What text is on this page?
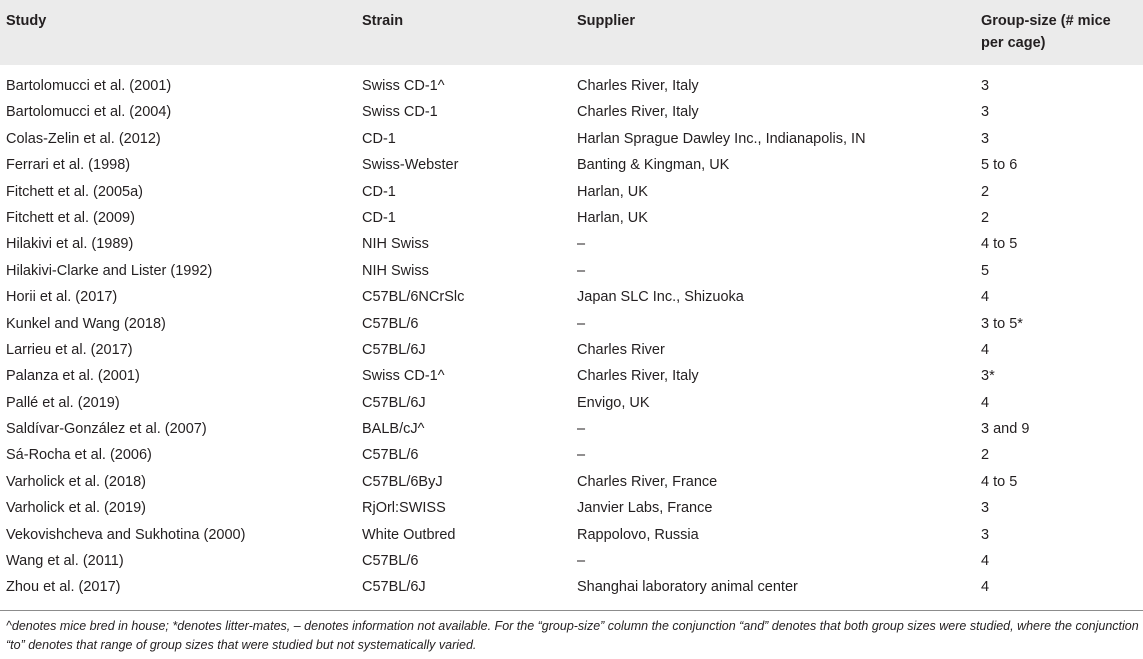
Study	Strain	Supplier	Group-size (# mice per cage)
Bartolomucci et al. (2001)	Swiss CD-1^	Charles River, Italy	3
Bartolomucci et al. (2004)	Swiss CD-1	Charles River, Italy	3
Colas-Zelin et al. (2012)	CD-1	Harlan Sprague Dawley Inc., Indianapolis, IN	3
Ferrari et al. (1998)	Swiss-Webster	Banting & Kingman, UK	5 to 6
Fitchett et al. (2005a)	CD-1	Harlan, UK	2
Fitchett et al. (2009)	CD-1	Harlan, UK	2
Hilakivi et al. (1989)	NIH Swiss	–	4 to 5
Hilakivi-Clarke and Lister (1992)	NIH Swiss	–	5
Horii et al. (2017)	C57BL/6NCrSlc	Japan SLC Inc., Shizuoka	4
Kunkel and Wang (2018)	C57BL/6	–	3 to 5*
Larrieu et al. (2017)	C57BL/6J	Charles River	4
Palanza et al. (2001)	Swiss CD-1^	Charles River, Italy	3*
Pallé et al. (2019)	C57BL/6J	Envigo, UK	4
Saldívar-González et al. (2007)	BALB/cJ^	–	3 and 9
Sá-Rocha et al. (2006)	C57BL/6	–	2
Varholick et al. (2018)	C57BL/6ByJ	Charles River, France	4 to 5
Varholick et al. (2019)	RjOrl:SWISS	Janvier Labs, France	3
Vekovishcheva and Sukhotina (2000)	White Outbred	Rappolovo, Russia	3
Wang et al. (2011)	C57BL/6	–	4
Zhou et al. (2017)	C57BL/6J	Shanghai laboratory animal center	4
^denotes mice bred in house; *denotes litter-mates, – denotes information not available. For the “group-size” column the conjunction “and” denotes that both group sizes were studied, where the conjunction “to” denotes that range of group sizes that were studied but not systematically varied.
